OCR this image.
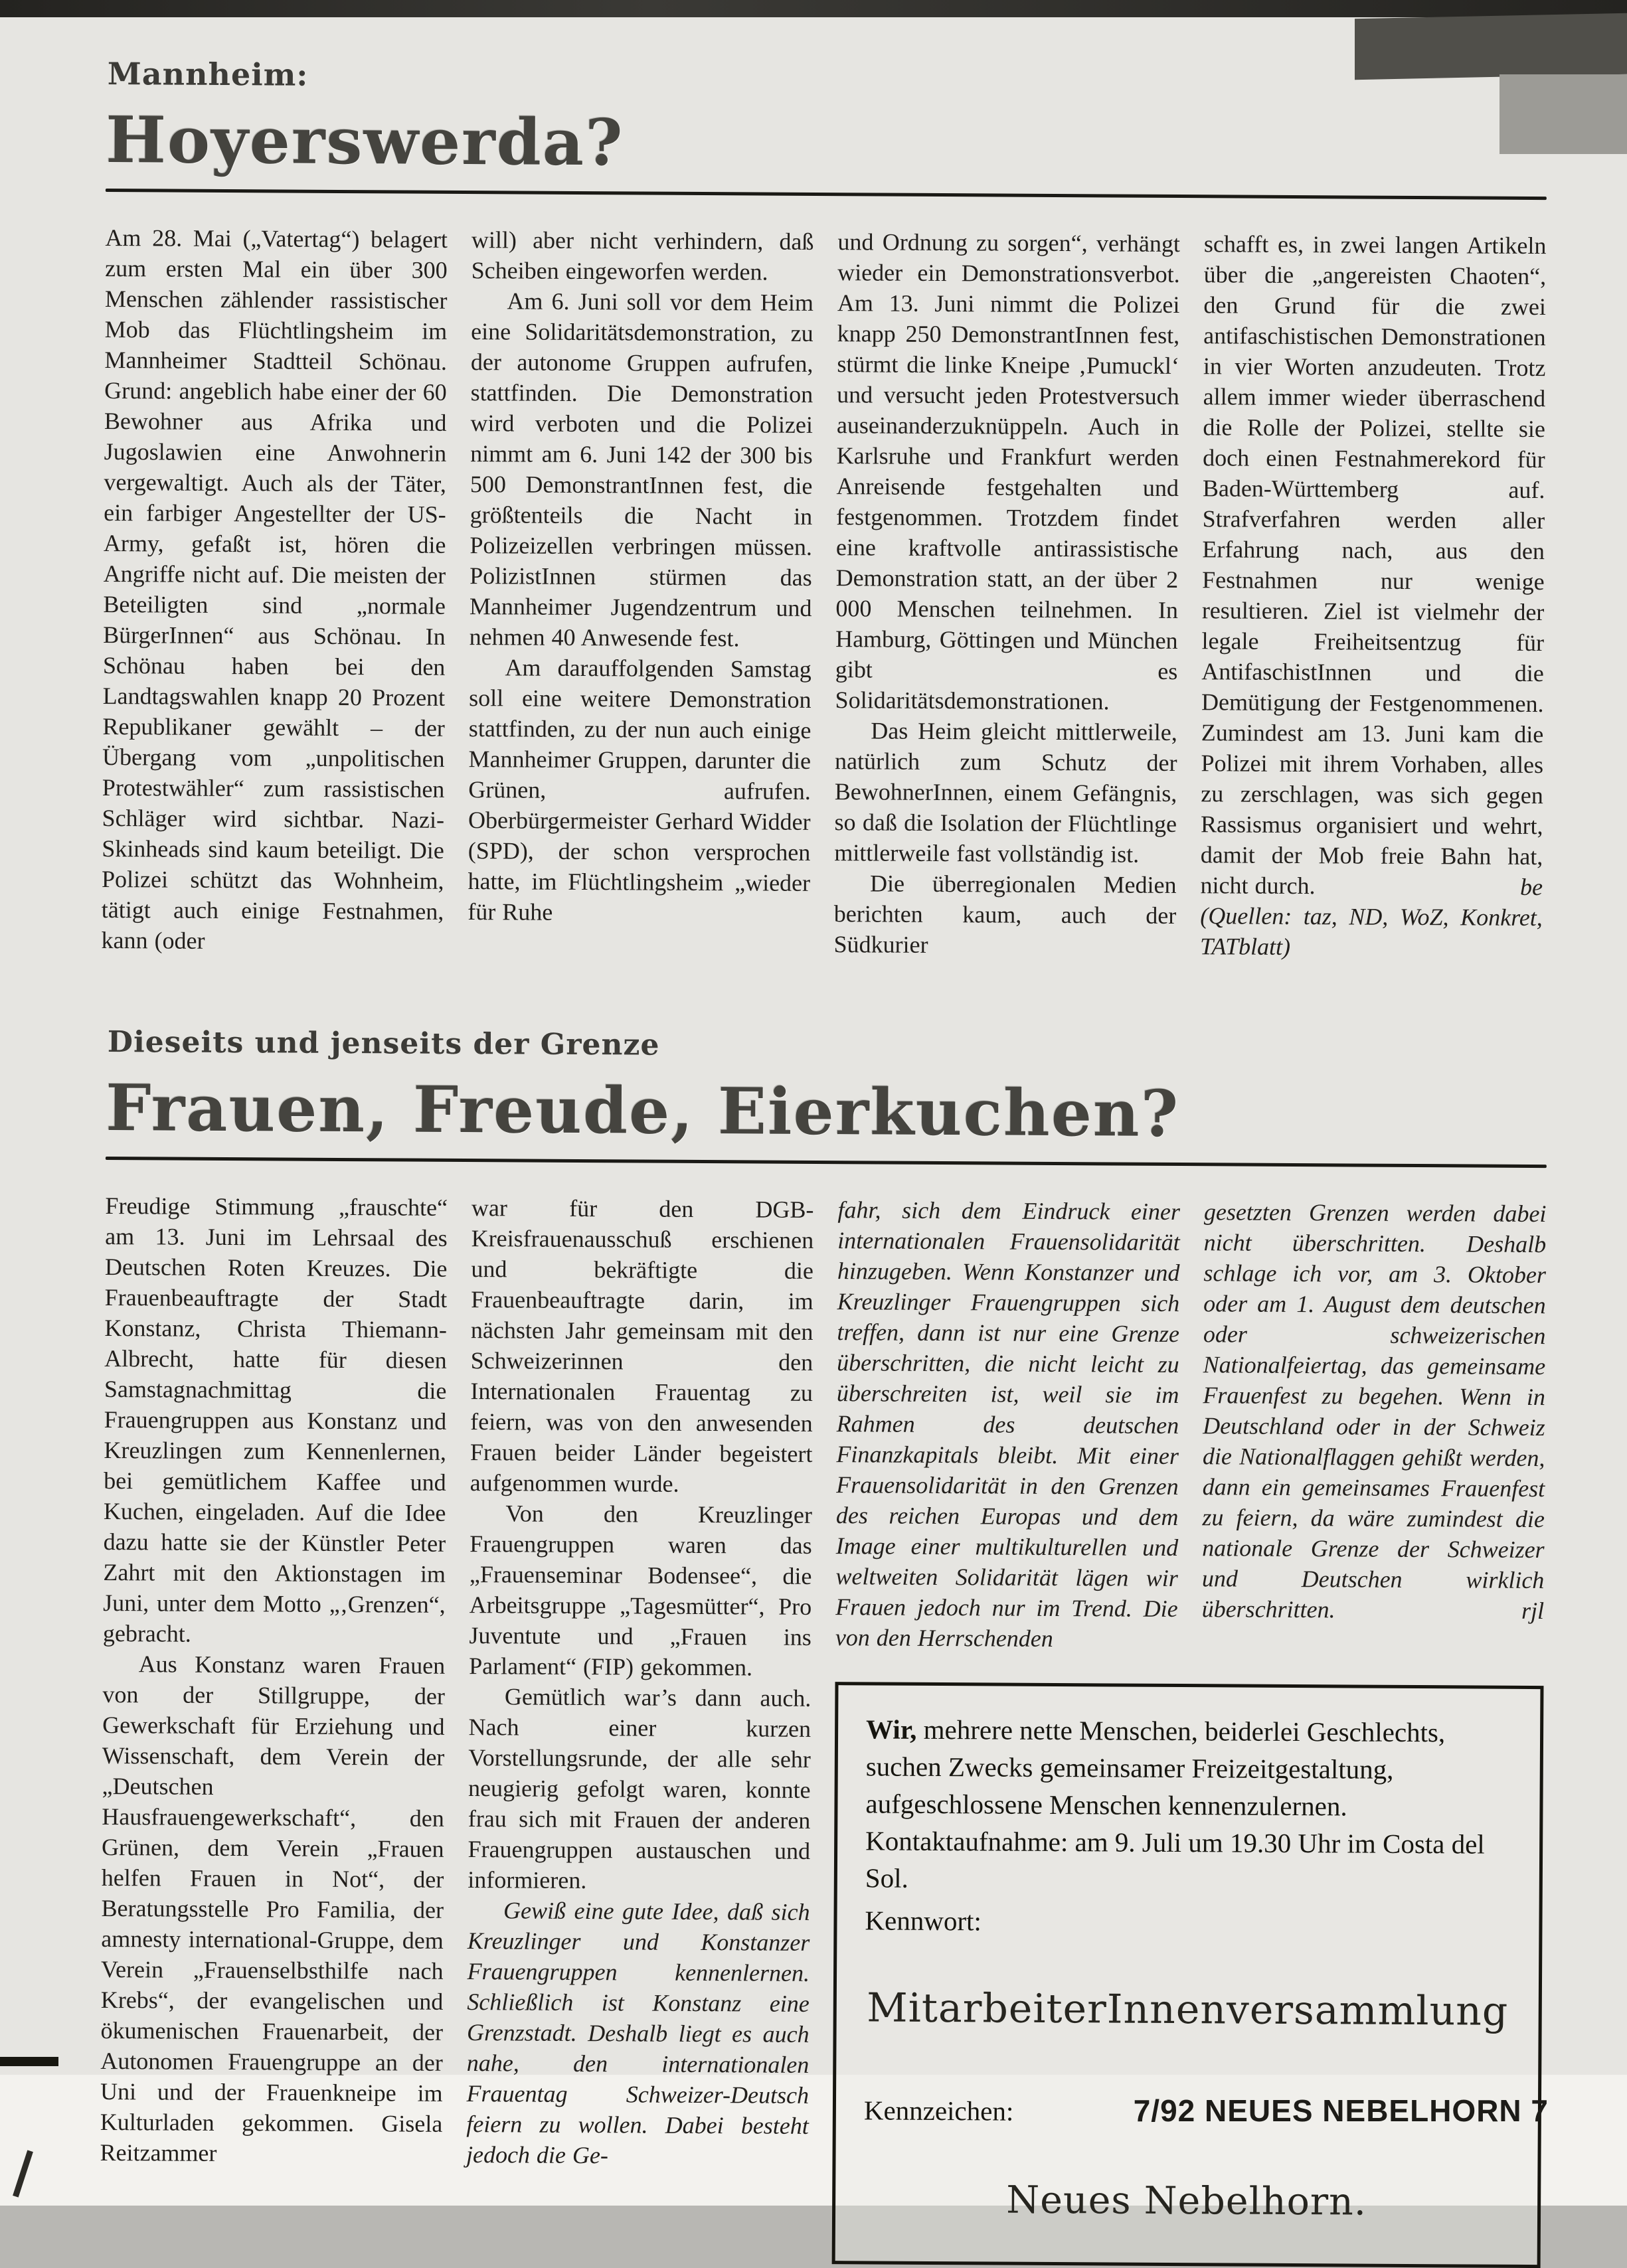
Mannheim:
Hoyerswerda?

Am 28. Mai („Vatertag“) belagert zum ersten Mal ein über 300 Menschen zählender rassistischer Mob das Flüchtlingsheim im Mannheimer Stadtteil Schönau. Grund: angeblich habe einer der 60 Bewohner aus Afrika und Jugoslawien eine Anwohnerin vergewaltigt. Auch als der Täter, ein farbiger Angestellter der US-Army, gefaßt ist, hören die Angriffe nicht auf. Die meisten der Beteiligten sind „normale BürgerInnen“ aus Schönau. In Schönau haben bei den Landtagswahlen knapp 20 Prozent Republikaner gewählt – der Übergang vom „unpolitischen Protestwähler“ zum rassistischen Schläger wird sichtbar. Nazi-Skinheads sind kaum beteiligt. Die Polizei schützt das Wohnheim, tätigt auch einige Festnahmen, kann (oder

will) aber nicht verhindern, daß Scheiben eingeworfen werden.

Am 6. Juni soll vor dem Heim eine Solidaritätsdemonstration, zu der autonome Gruppen aufrufen, stattfinden. Die Demonstration wird verboten und die Polizei nimmt am 6. Juni 142 der 300 bis 500 DemonstrantInnen fest, die größtenteils die Nacht in Polizeizellen verbringen müssen. PolizistInnen stürmen das Mannheimer Jugendzentrum und nehmen 40 Anwesende fest.

Am darauffolgenden Samstag soll eine weitere Demonstration stattfinden, zu der nun auch einige Mannheimer Gruppen, darunter die Grünen, aufrufen. Oberbürgermeister Gerhard Widder (SPD), der schon versprochen hatte, im Flüchtlingsheim „wieder für Ruhe

und Ordnung zu sorgen“, verhängt wieder ein Demonstrationsverbot. Am 13. Juni nimmt die Polizei knapp 250 DemonstrantInnen fest, stürmt die linke Kneipe ‚Pumuckl‘ und versucht jeden Protestversuch auseinanderzuknüppeln. Auch in Karlsruhe und Frankfurt werden Anreisende festgehalten und festgenommen. Trotzdem findet eine kraftvolle antirassistische Demonstration statt, an der über 2 000 Menschen teilnehmen. In Hamburg, Göttingen und München gibt es Solidaritätsdemonstrationen.

Das Heim gleicht mittlerweile, natürlich zum Schutz der BewohnerInnen, einem Gefängnis, so daß die Isolation der Flüchtlinge mittlerweile fast vollständig ist.

Die überregionalen Medien berichten kaum, auch der Südkurier

schafft es, in zwei langen Artikeln über die „angereisten Chaoten“, den Grund für die zwei antifaschistischen Demonstrationen in vier Worten anzudeuten. Trotz allem immer wieder überraschend die Rolle der Polizei, stellte sie doch einen Festnahmerekord für Baden-Württemberg auf. Strafverfahren werden aller Erfahrung nach, aus den Festnahmen nur wenige resultieren. Ziel ist vielmehr der legale Freiheitsentzug für AntifaschistInnen und die Demütigung der Festgenommenen. Zumindest am 13. Juni kam die Polizei mit ihrem Vorhaben, alles zu zerschlagen, was sich gegen Rassismus organisiert und wehrt, damit der Mob freie Bahn hat, nicht durch.	be

(Quellen: taz, ND, WoZ, Konkret, TATblatt)

Dieseits und jenseits der Grenze
Frauen, Freude, Eierkuchen?

Freudige Stimmung „frauschte“ am 13. Juni im Lehrsaal des Deutschen Roten Kreuzes. Die Frauenbeauftragte der Stadt Konstanz, Christa Thiemann-Albrecht, hatte für diesen Samstagnachmittag die Frauengruppen aus Konstanz und Kreuzlingen zum Kennenlernen, bei gemütlichem Kaffee und Kuchen, eingeladen. Auf die Idee dazu hatte sie der Künstler Peter Zahrt mit den Aktionstagen im Juni, unter dem Motto „‚Grenzen“, gebracht.

Aus Konstanz waren Frauen von der Stillgruppe, der Gewerkschaft für Erziehung und Wissenschaft, dem Verein der „Deutschen Hausfrauengewerkschaft“, den Grünen, dem Verein „Frauen helfen Frauen in Not“, der Beratungsstelle Pro Familia, der amnesty international-Gruppe, dem Verein „Frauenselbsthilfe nach Krebs“, der evangelischen und ökumenischen Frauenarbeit, der Autonomen Frauengruppe an der Uni und der Frauenkneipe im Kulturladen gekommen. Gisela Reitzammer

war für den DGB-Kreisfrauenausschuß erschienen und bekräftigte die Frauenbeauftragte darin, im nächsten Jahr gemeinsam mit den Schweizerinnen den Internationalen Frauentag zu feiern, was von den anwesenden Frauen beider Länder begeistert aufgenommen wurde.

Von den Kreuzlinger Frauengruppen waren das „Frauenseminar Bodensee“, die Arbeitsgruppe „Tagesmütter“, Pro Juventute und „Frauen ins Parlament“ (FIP) gekommen.

Gemütlich war’s dann auch. Nach einer kurzen Vorstellungsrunde, der alle sehr neugierig gefolgt waren, konnte frau sich mit Frauen der anderen Frauengruppen austauschen und informieren.

Gewiß eine gute Idee, daß sich Kreuzlinger und Konstanzer Frauengruppen kennenlernen. Schließlich ist Konstanz eine Grenzstadt. Deshalb liegt es auch nahe, den internationalen Frauentag Schweizer-Deutsch feiern zu wollen. Dabei besteht jedoch die Ge-

fahr, sich dem Eindruck einer internationalen Frauensolidarität hinzugeben. Wenn Konstanzer und Kreuzlinger Frauengruppen sich treffen, dann ist nur eine Grenze überschritten, die nicht leicht zu überschreiten ist, weil sie im Rahmen des deutschen Finanzkapitals bleibt. Mit einer Frauensolidarität in den Grenzen des reichen Europas und dem Image einer multikulturellen und weltweiten Solidarität lägen wir Frauen jedoch nur im Trend. Die von den Herrschenden

gesetzten Grenzen werden dabei nicht überschritten. Deshalb schlage ich vor, am 3. Oktober oder am 1. August dem deutschen oder schweizerischen Nationalfeiertag, das gemeinsame Frauenfest zu begehen. Wenn in Deutschland oder in der Schweiz die Nationalflaggen gehißt werden, dann ein gemeinsames Frauenfest zu feiern, da wäre zumindest die nationale Grenze der Schweizer und Deutschen wirklich überschritten.	rjl

Wir, mehrere nette Menschen, beiderlei Geschlechts, suchen Zwecks gemeinsamer Freizeitgestaltung, aufgeschlossene Menschen kennenzulernen. Kontaktaufnahme: am 9. Juli um 19.30 Uhr im Costa del Sol.

Kennwort:

MitarbeiterInnenversammlung

Kennzeichen:

Neues Nebelhorn.

7/92 NEUES NEBELHORN 7
